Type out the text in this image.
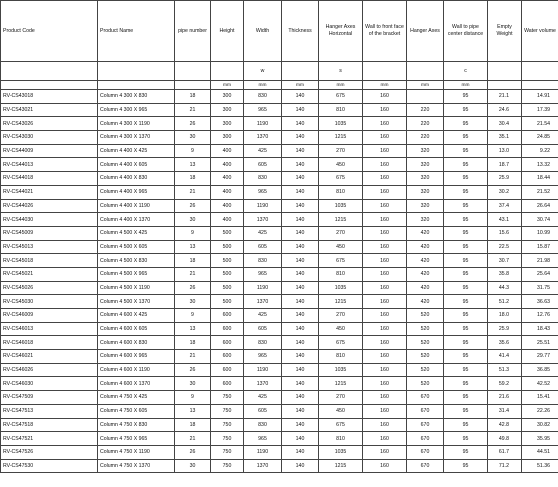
Product Code	Product Name	pipe number	Height	Width	Thickness	Hanger Axes Horizontal	Wall to front face of the bracket	Hanger Axes	Wall to pipe center distance	Empty Weight	Water volume
				w		s			c		
			mm	mm	mm	mm	mm	mm	mm		
RV-CS43018	Column 4 300 X 830	18	300	830	140	675	160		95	21.1	14.91
RV-CS43021	Column 4 300 X 965	21	300	965	140	810	160	220	95	24.6	17.39
RV-CS43026	Column 4 300 X 1190	26	300	1190	140	1035	160	220	95	30.4	21.54
RV-CS43030	Column 4 300 X 1370	30	300	1370	140	1215	160	220	95	35.1	24.85
RV-CS44009	Column 4 400 X 425	9	400	425	140	270	160	320	95	13.0	9.22
RV-CS44013	Column 4 400 X 605	13	400	605	140	450	160	320	95	18.7	13.32
RV-CS44018	Column 4 400 X 830	18	400	830	140	675	160	320	95	25.9	18.44
RV-CS44021	Column 4 400 X 965	21	400	965	140	810	160	320	95	30.2	21.52
RV-CS44026	Column 4 400 X 1190	26	400	1190	140	1035	160	320	95	37.4	26.64
RV-CS44030	Column 4 400 X 1370	30	400	1370	140	1215	160	320	95	43.1	30.74
RV-CS45009	Column 4 500 X 425	9	500	425	140	270	160	420	95	15.6	10.99
RV-CS45013	Column 4 500 X 605	13	500	605	140	450	160	420	95	22.5	15.87
RV-CS45018	Column 4 500 X 830	18	500	830	140	675	160	420	95	30.7	21.98
RV-CS45021	Column 4 500 X 965	21	500	965	140	810	160	420	95	35.8	25.64
RV-CS45026	Column 4 500 X 1190	26	500	1190	140	1035	160	420	95	44.3	31.75
RV-CS45030	Column 4 500 X 1370	30	500	1370	140	1215	160	420	95	51.2	36.63
RV-CS46009	Column 4 600 X 425	9	600	425	140	270	160	520	95	18.0	12.76
RV-CS46013	Column 4 600 X 605	13	600	605	140	450	160	520	95	25.9	18.43
RV-CS46018	Column 4 600 X 830	18	600	830	140	675	160	520	95	35.6	25.51
RV-CS46021	Column 4 600 X 965	21	600	965	140	810	160	520	95	41.4	29.77
RV-CS46026	Column 4 600 X 1190	26	600	1190	140	1035	160	520	95	51.3	36.85
RV-CS46030	Column 4 600 X 1370	30	600	1370	140	1215	160	520	95	59.2	42.52
RV-CS47509	Column 4 750 X 425	9	750	425	140	270	160	670	95	21.6	15.41
RV-CS47513	Column 4 750 X 605	13	750	605	140	450	160	670	95	31.4	22.26
RV-CS47518	Column 4 750 X 830	18	750	830	140	675	160	670	95	42.8	30.82
RV-CS47521	Column 4 750 X 965	21	750	965	140	810	160	670	95	49.8	35.95
RV-CS47526	Column 4 750 X 1190	26	750	1190	140	1035	160	670	95	61.7	44.51
RV-CS47530	Column 4 750 X 1370	30	750	1370	140	1215	160	670	95	71.2	51.36
